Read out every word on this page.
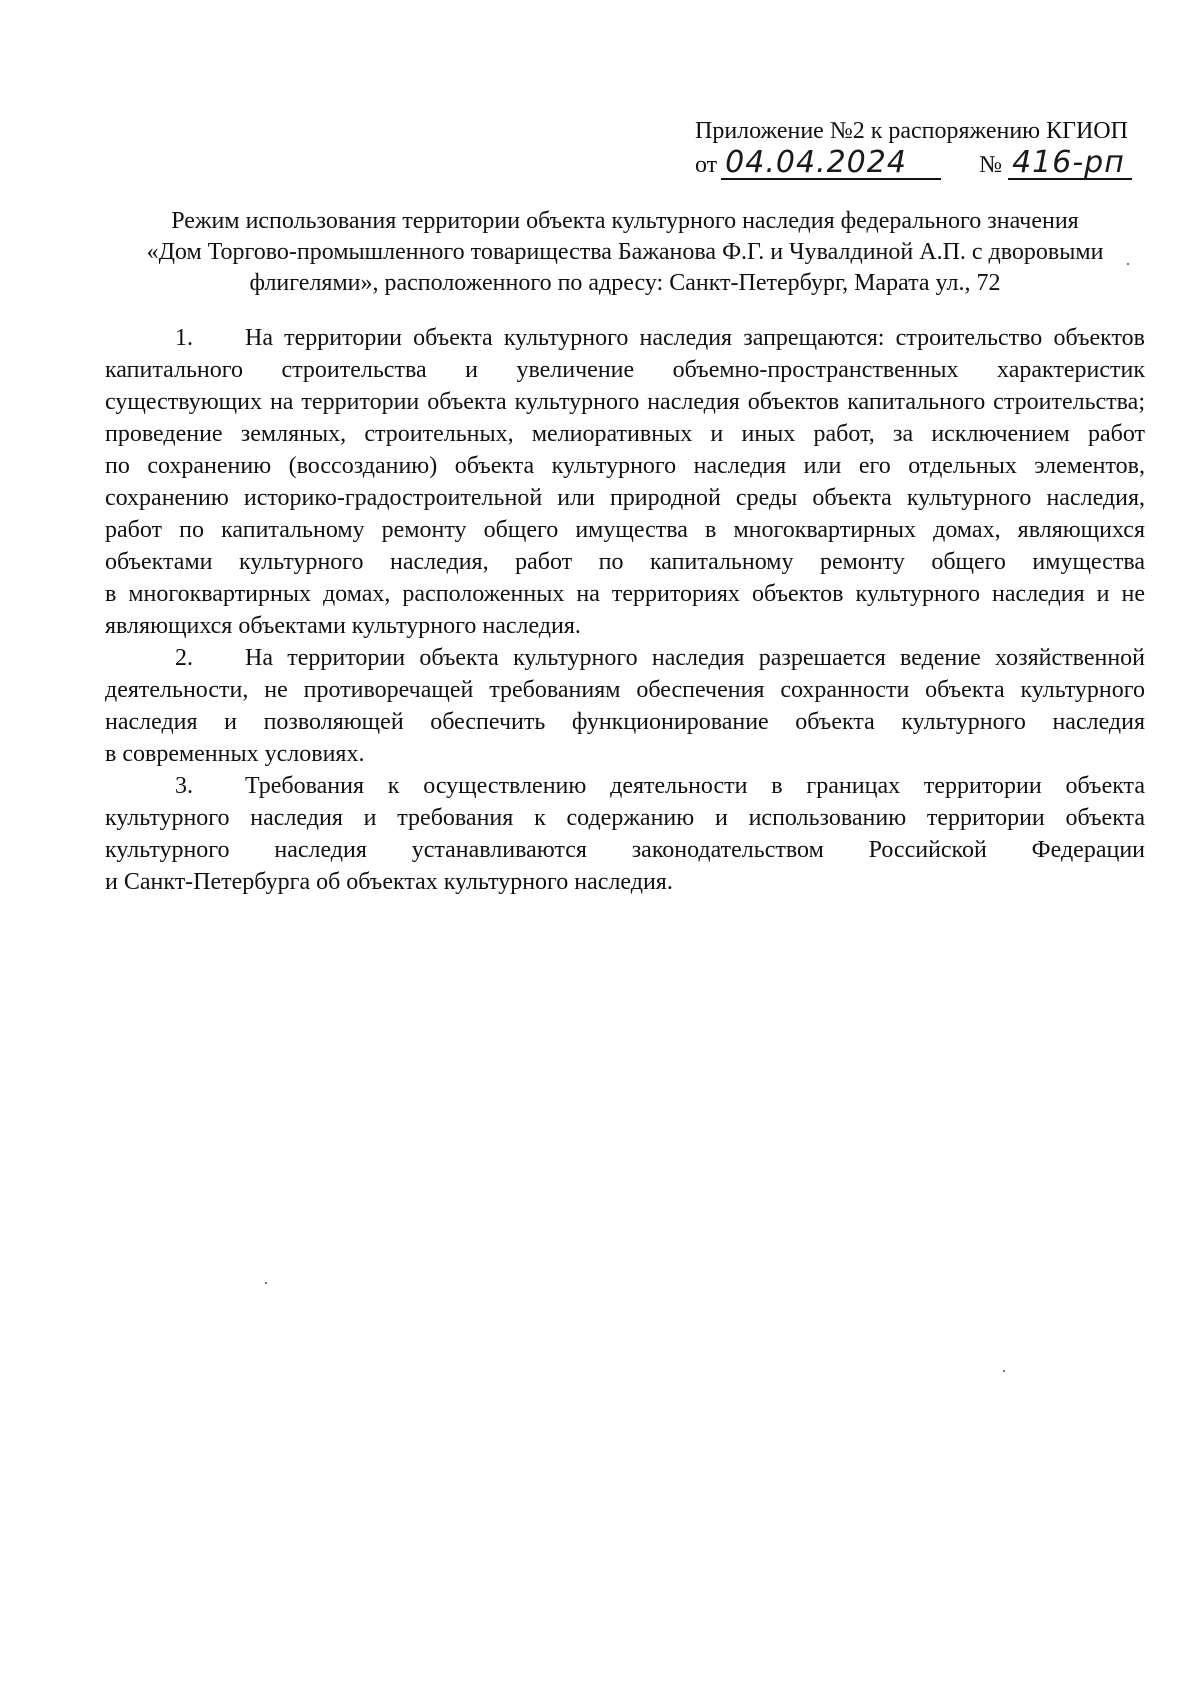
Приложение №2 к распоряжению КГИОП
от 04.04.2024	№ 416-рп
Режим использования территории объекта культурного наследия федерального значения
«Дом Торгово-промышленного товарищества Бажанова Ф.Г. и Чувалдиной А.П. с дворовыми
флигелями», расположенного по адресу: Санкт-Петербург, Марата ул., 72
1. На территории объекта культурного наследия запрещаются: строительство объектов
капитального строительства и увеличение объемно-пространственных характеристик
существующих на территории объекта культурного наследия объектов капитального строительства;
проведение земляных, строительных, мелиоративных и иных работ, за исключением работ
по сохранению (воссозданию) объекта культурного наследия или его отдельных элементов,
сохранению историко-градостроительной или природной среды объекта культурного наследия,
работ по капитальному ремонту общего имущества в многоквартирных домах, являющихся
объектами культурного наследия, работ по капитальному ремонту общего имущества
в многоквартирных домах, расположенных на территориях объектов культурного наследия и не
являющихся объектами культурного наследия.
2. На территории объекта культурного наследия разрешается ведение хозяйственной
деятельности, не противоречащей требованиям обеспечения сохранности объекта культурного
наследия и позволяющей обеспечить функционирование объекта культурного наследия
в современных условиях.
3. Требования к осуществлению деятельности в границах территории объекта
культурного наследия и требования к содержанию и использованию территории объекта
культурного наследия устанавливаются законодательством Российской Федерации
и Санкт-Петербурга об объектах культурного наследия.
